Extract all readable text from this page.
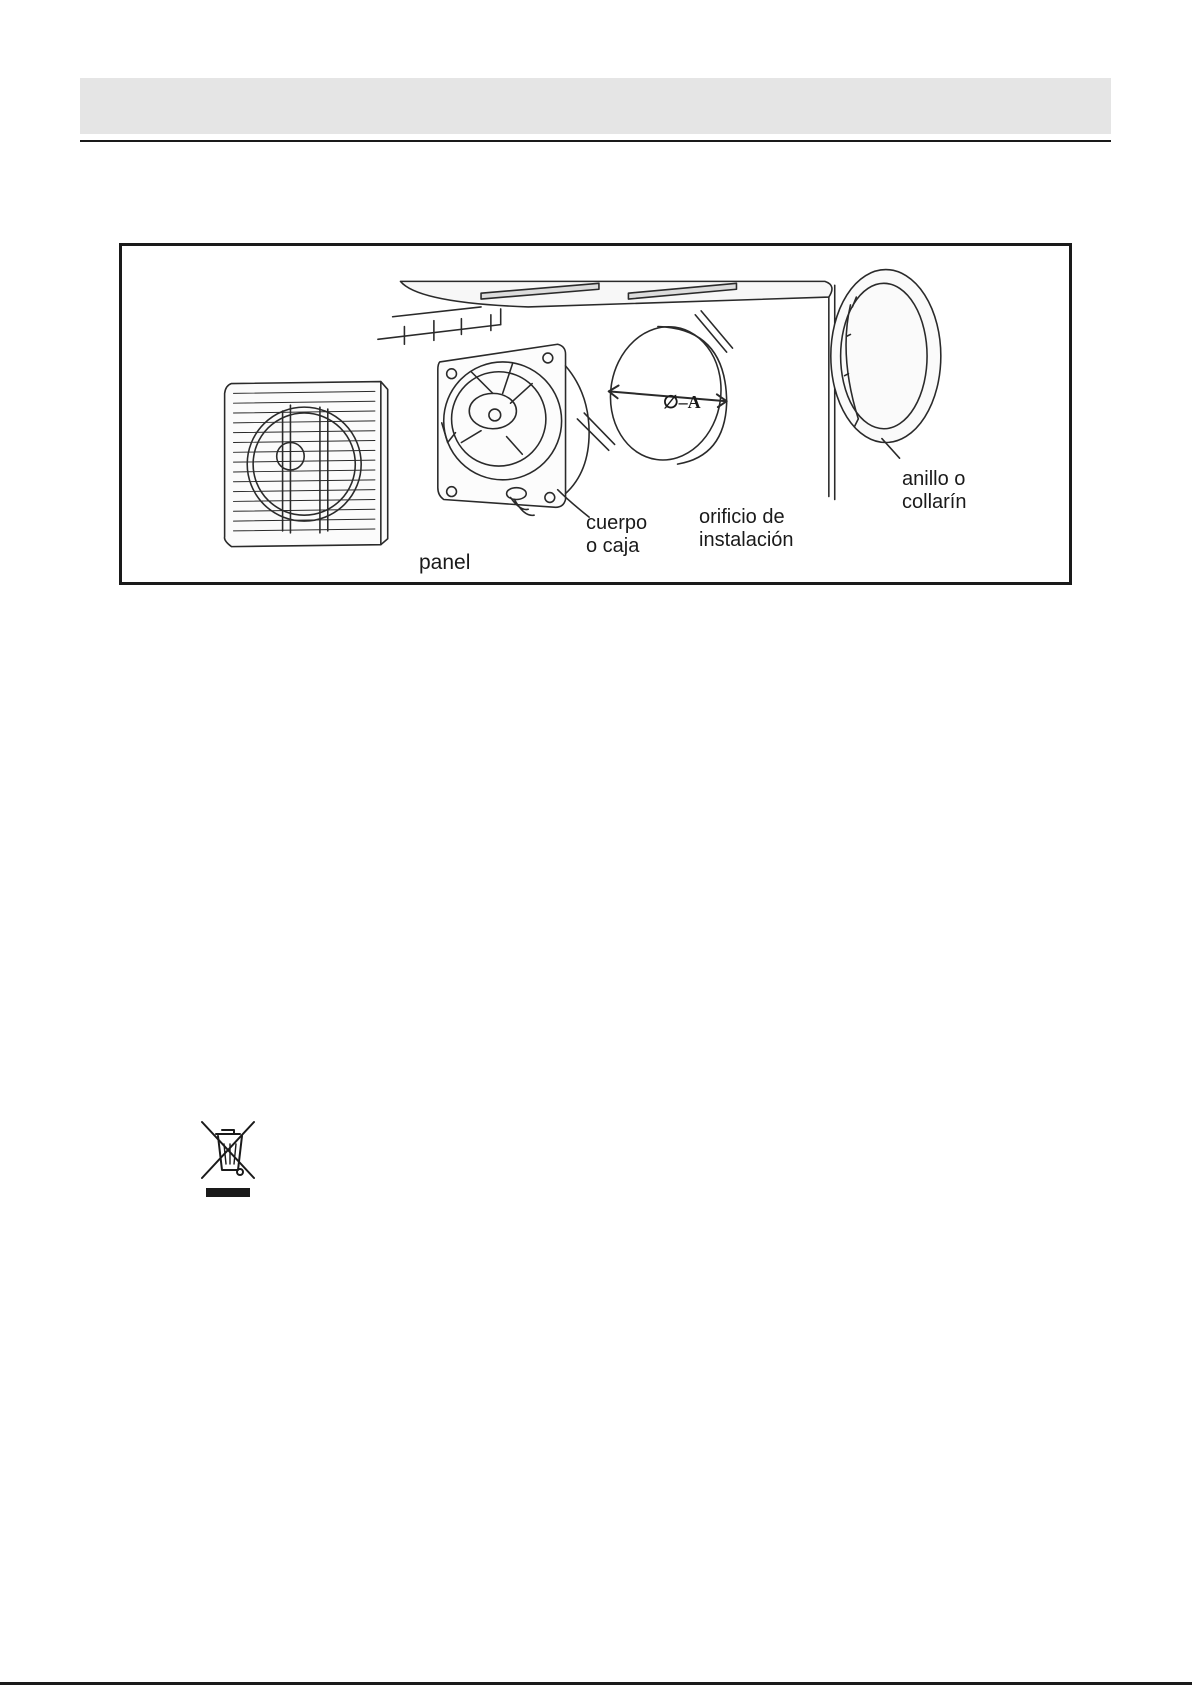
panel
cuerpo
o caja
orificio de
instalación
anillo o
collarín
∅–A
